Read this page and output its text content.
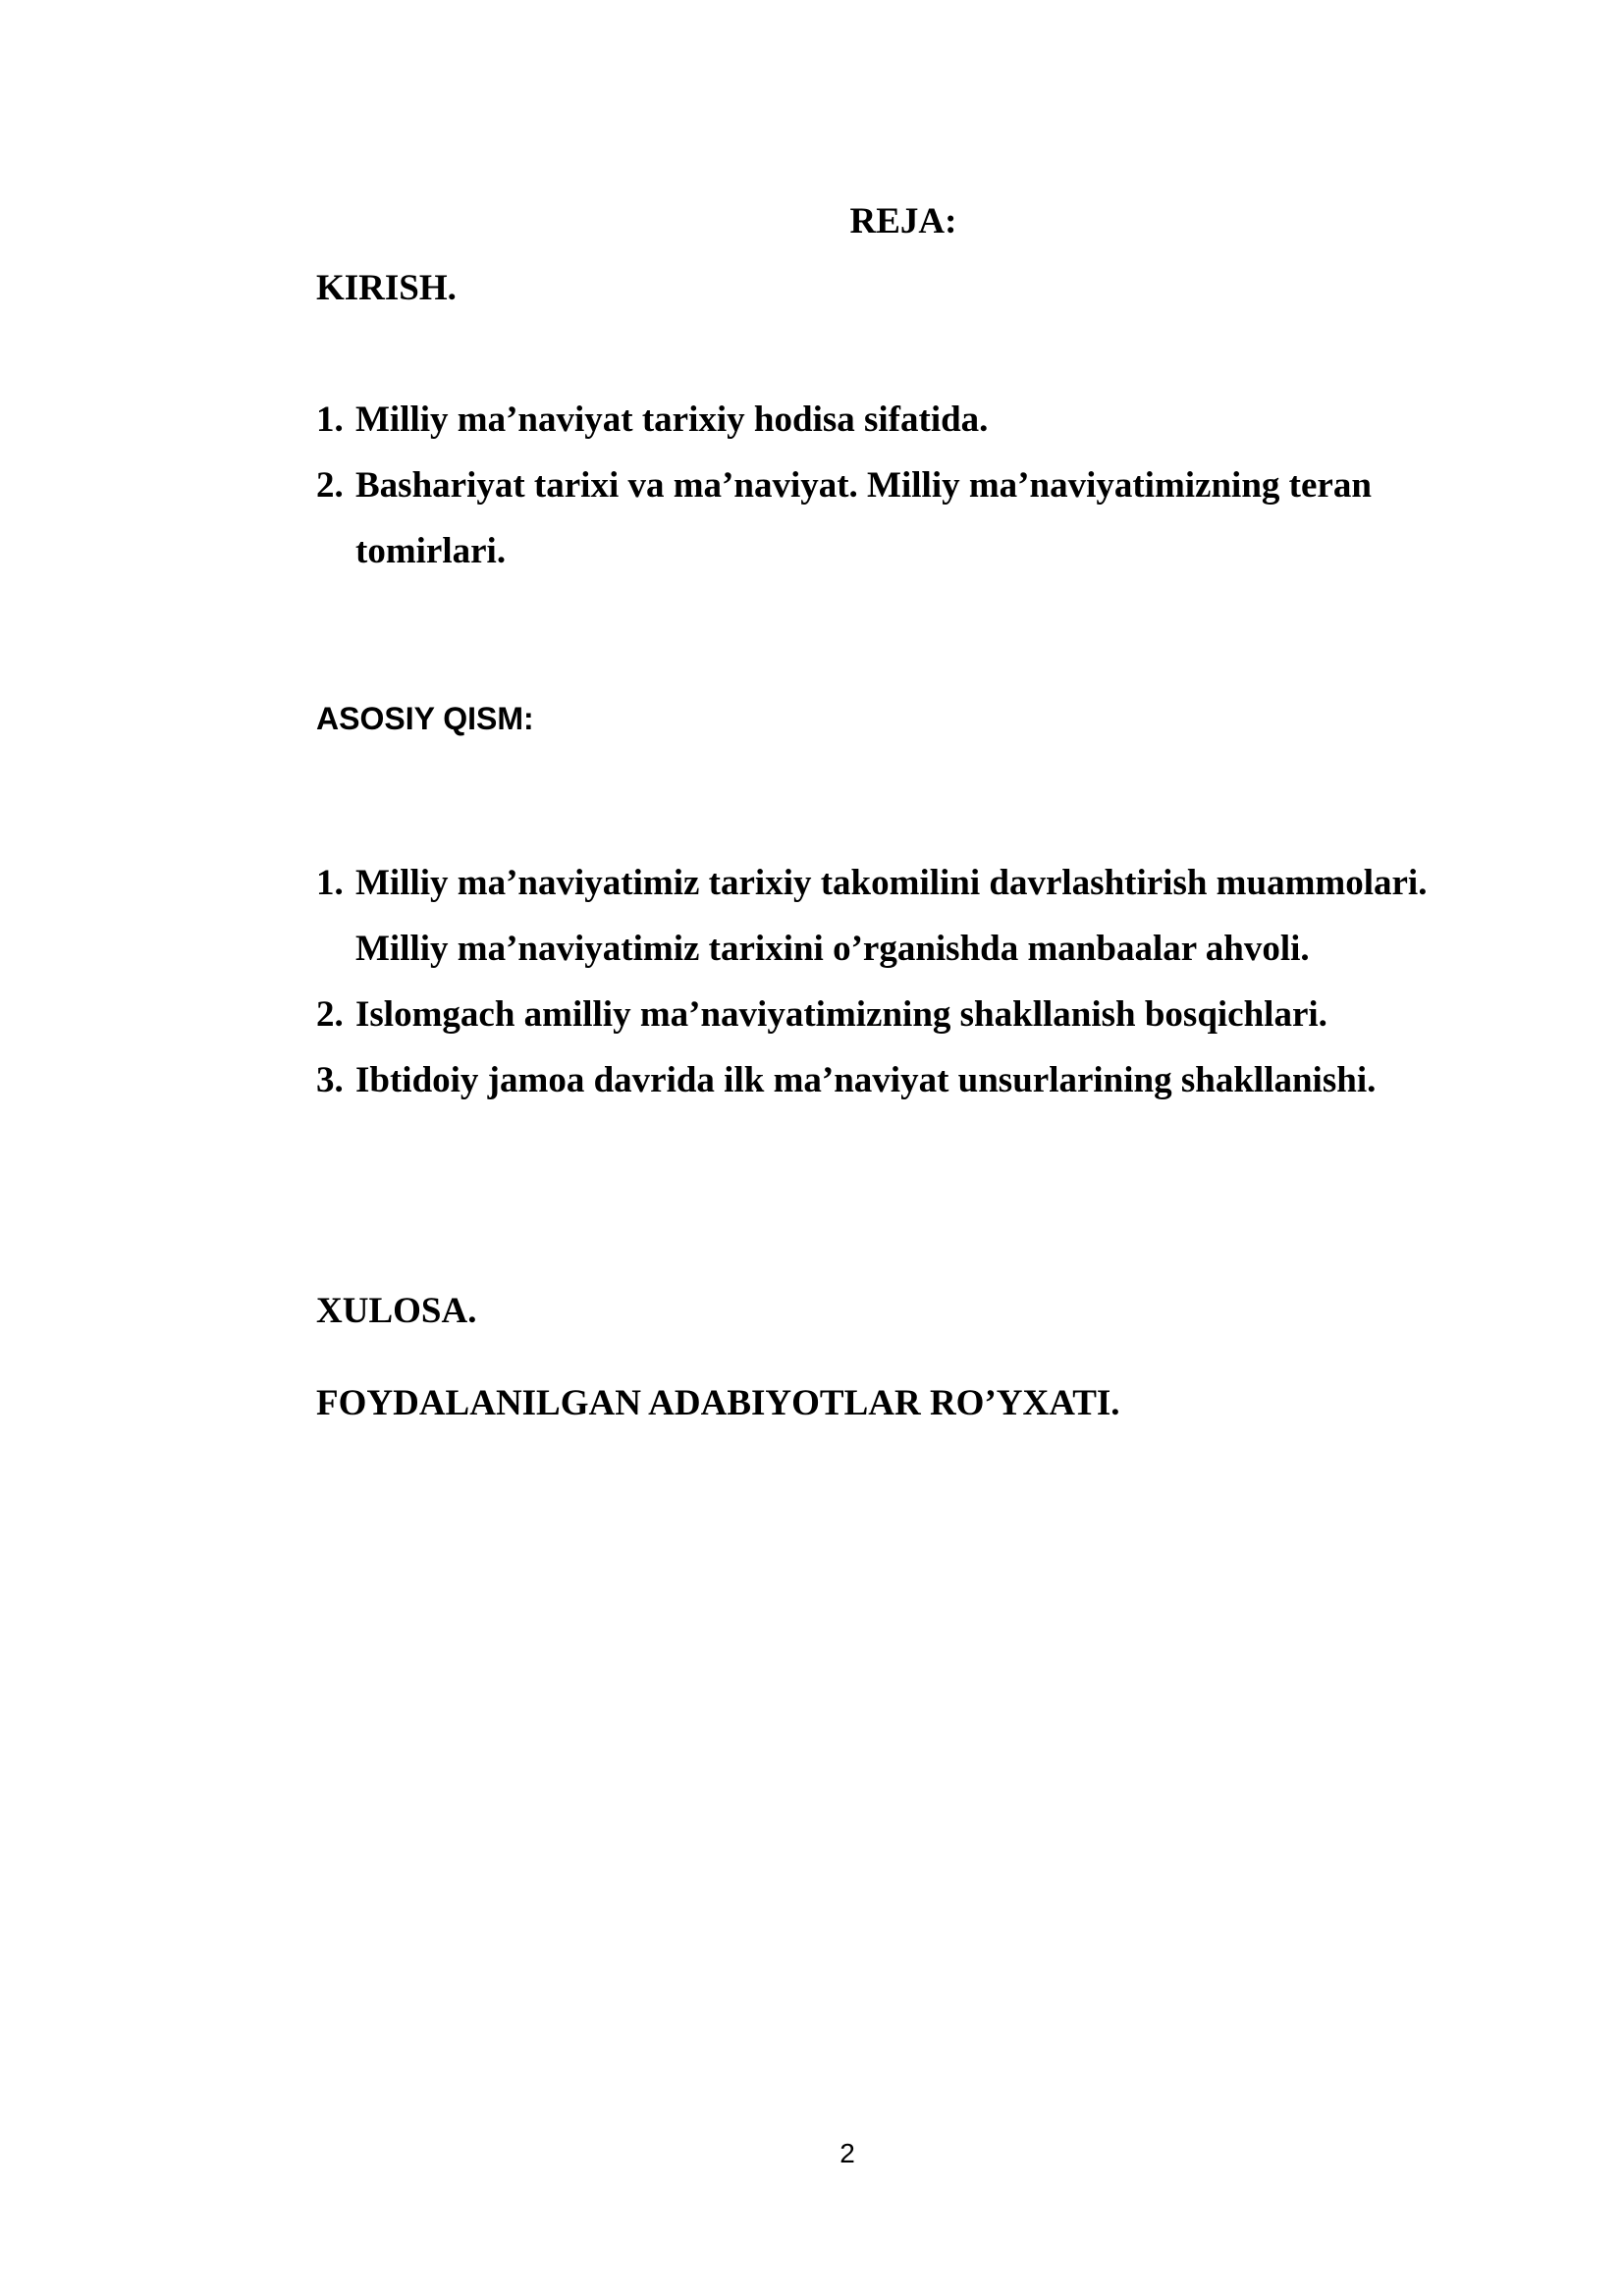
REJA:

KIRISH.

1. Milliy ma’naviyat tarixiy hodisa sifatida.
2. Bashariyat tarixi va ma’naviyat. Milliy ma’naviyatimizning teran tomirlari.

ASOSIY QISM:

1. Milliy ma’naviyatimiz tarixiy takomilini davrlashtirish muammolari. Milliy ma’naviyatimiz tarixini o’rganishda manbaalar ahvoli.
2. Islomgach amilliy ma’naviyatimizning shakllanish bosqichlari.
3. Ibtidoiy jamoa davrida ilk ma’naviyat unsurlarining shakllanishi.

XULOSA.

FOYDALANILGAN ADABIYOTLAR RO’YXATI.

2
